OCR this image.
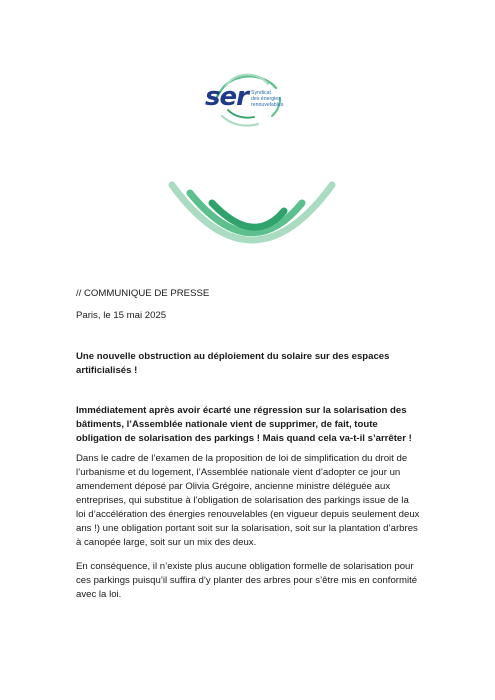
ser Syndicat
des énergies
renouvelables
// COMMUNIQUE DE PRESSE
Paris, le 15 mai 2025
Une nouvelle obstruction au déploiement du solaire sur des espaces artificialisés !
Immédiatement après avoir écarté une régression sur la solarisation des bâtiments, l’Assemblée nationale vient de supprimer, de fait, toute obligation de solarisation des parkings ! Mais quand cela va-t-il s’arrêter !
Dans le cadre de l’examen de la proposition de loi de simplification du droit de l’urbanisme et du logement, l’Assemblée nationale vient d’adopter ce jour un amendement déposé par Olivia Grégoire, ancienne ministre déléguée aux entreprises, qui substitue à l’obligation de solarisation des parkings issue de la loi d’accélération des énergies renouvelables (en vigueur depuis seulement deux ans !) une obligation portant soit sur la solarisation, soit sur la plantation d’arbres à canopée large, soit sur un mix des deux.
En conséquence, il n’existe plus aucune obligation formelle de solarisation pour ces parkings puisqu’il suffira d’y planter des arbres pour s’être mis en conformité avec la loi.
